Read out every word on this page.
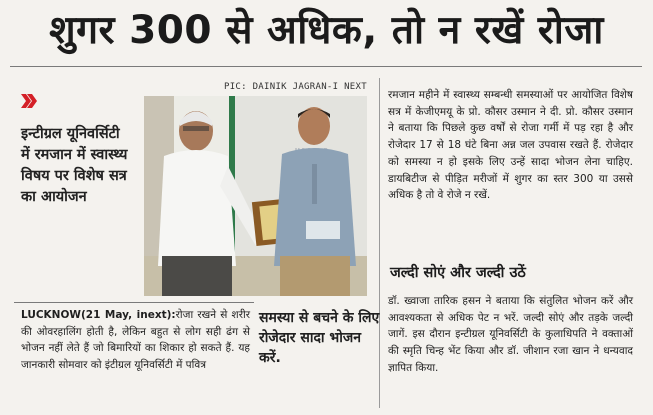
शुगर 300 से अधिक, तो न रखें रोजा
PIC: DAINIK JAGRAN-I NEXT
इन्टीग्रल यूनिवर्सिटी में रमजान में स्वास्थ्य विषय पर विशेष सत्र का आयोजन
LUCKNOW(21 May, inext):रोजा रखने से शरीर की ओवरहालिंग होती है, लेकिन बहुत से लोग सही ढंग से भोजन नहीं लेते हैं जो बिमारियों का शिकार हो सकते हैं. यह जानकारी सोमवार को इंटीग्रल यूनिवर्सिटी में पवित्र
समस्या से बचने के लिए रोजेदार सादा भोजन करें.
रमजान महीने में स्वास्थ्य सम्बन्धी समस्याओं पर आयोजित विशेष सत्र में केजीएमयू के प्रो. कौसर उस्मान ने दी. प्रो. कौसर उस्मान ने बताया कि पिछले कुछ वर्षों से रोजा गर्मी में पड़ रहा है और रोजेदार 17 से 18 घंटे बिना अन्न जल उपवास रखते हैं. रोजेदार को समस्या न हो इसके लिए उन्हें सादा भोजन लेना चाहिए. डायबिटीज से पीड़ित मरीजों में शुगर का स्तर 300 या उससे अधिक है तो वे रोजे न रखें.
जल्दी सोएं और जल्दी उठें
डॉ. ख्वाजा तारिक हसन ने बताया कि संतुलित भोजन करें और आवश्यकता से अधिक पेट न भरें. जल्दी सोएं और तड़के जल्दी जागें. इस दौरान इन्टीग्रल यूनिवर्सिटी के कुलाधिपति ने वक्ताओं की स्मृति चिन्ह भेंट किया और डॉ. जीशान रजा खान ने धन्यवाद ज्ञापित किया.
